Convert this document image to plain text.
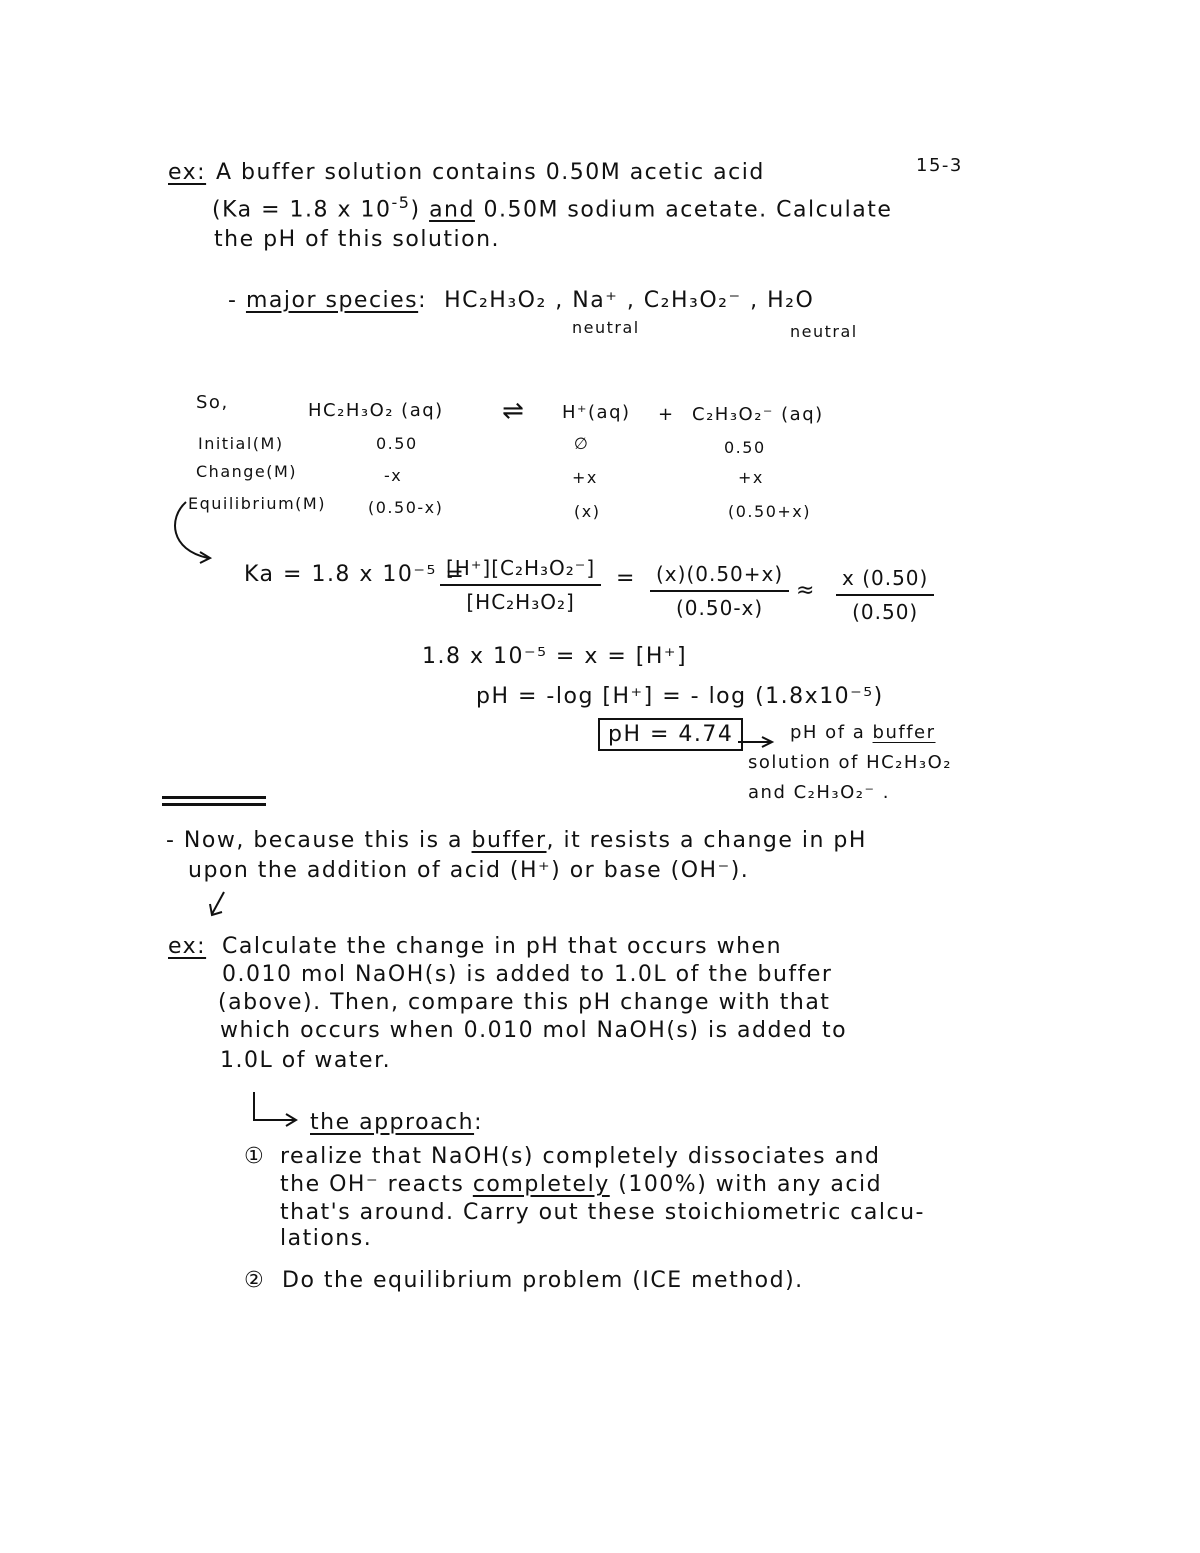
15-3
ex: A buffer solution contains 0.50M acetic acid
(Ka = 1.8 x $10^{-5}$) and 0.50M sodium acetate. Calculate
the pH of this solution.
- major species: HC₂H₃O₂ , Na⁺ , C₂H₃O₂⁻ , H₂O
neutral	neutral
So,	HC₂H₃O₂ (aq) ⇌ H⁺(aq) + C₂H₃O₂⁻ (aq)
Initial(M)	0.50	∅	0.50
Change(M)	-x	+x	+x
Equilibrium(M)	(0.50-x)	(x)	(0.50+x)
Ka = 1.8 x 10⁻⁵ =
$\frac{\text{[H⁺][C₂H₃O₂⁻]}}{\text{[HC₂H₃O₂]}} = \frac{(x)(0.50+x)}{(0.50-x)} \approx \frac{x (0.50)}{(0.50)}$
1.8 x 10⁻⁵ = x = [H⁺]
pH = -log [H⁺] = - log (1.8x10⁻⁵)
pH = 4.74	pH of a buffer
solution of HC₂H₃O₂
and C₂H₃O₂⁻ .
- Now, because this is a buffer, it resists a change in pH
upon the addition of acid (H⁺) or base (OH⁻).
ex: Calculate the change in pH that occurs when
0.010 mol NaOH(s) is added to 1.0L of the buffer
(above). Then, compare this pH change with that
which occurs when 0.010 mol NaOH(s) is added to
1.0L of water.
the approach:
① realize that NaOH(s) completely dissociates and
the OH⁻ reacts completely (100%) with any acid
that's around. Carry out these stoichiometric calcu-
lations.
② Do the equilibrium problem (ICE method).
